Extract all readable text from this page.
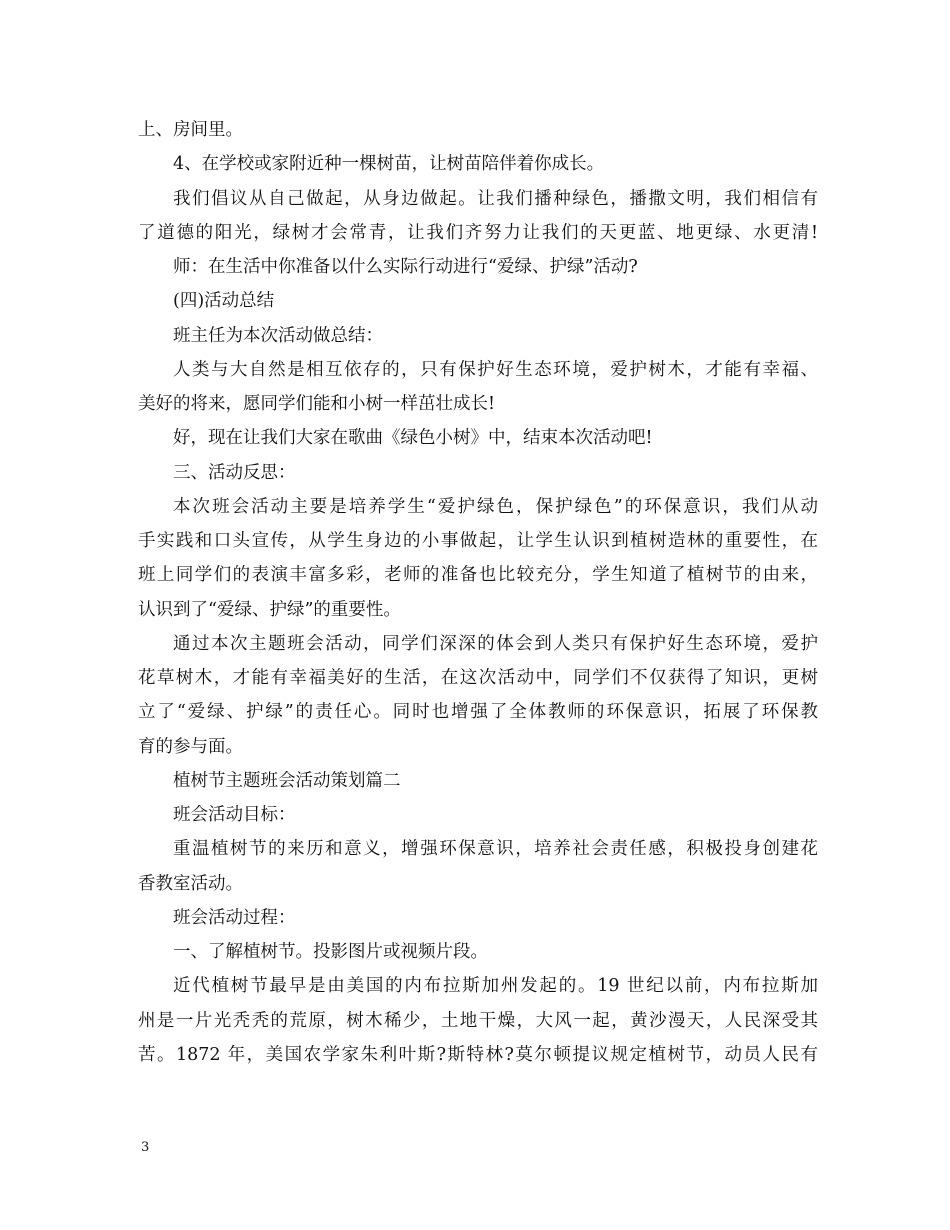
上、房间里。
4、在学校或家附近种一棵树苗，让树苗陪伴着你成长。
我们倡议从自己做起，从身边做起。让我们播种绿色，播撒文明，我们相信有
了道德的阳光，绿树才会常青，让我们齐努力让我们的天更蓝、地更绿、水更清!
师：在生活中你准备以什么实际行动进行“爱绿、护绿”活动?
(四)活动总结
班主任为本次活动做总结：
人类与大自然是相互依存的，只有保护好生态环境，爱护树木，才能有幸福、
美好的将来，愿同学们能和小树一样茁壮成长!
好，现在让我们大家在歌曲《绿色小树》中，结束本次活动吧!
三、活动反思：
本次班会活动主要是培养学生“爱护绿色，保护绿色”的环保意识，我们从动
手实践和口头宣传，从学生身边的小事做起，让学生认识到植树造林的重要性，在
班上同学们的表演丰富多彩，老师的准备也比较充分，学生知道了植树节的由来，
认识到了“爱绿、护绿”的重要性。
通过本次主题班会活动，同学们深深的体会到人类只有保护好生态环境，爱护
花草树木，才能有幸福美好的生活，在这次活动中，同学们不仅获得了知识，更树
立了“爱绿、护绿”的责任心。同时也增强了全体教师的环保意识，拓展了环保教
育的参与面。
植树节主题班会活动策划篇二
班会活动目标：
重温植树节的来历和意义，增强环保意识，培养社会责任感，积极投身创建花
香教室活动。
班会活动过程：
一、了解植树节。投影图片或视频片段。
近代植树节最早是由美国的内布拉斯加州发起的。19 世纪以前，内布拉斯加
州是一片光秃秃的荒原，树木稀少，土地干燥，大风一起，黄沙漫天，人民深受其
苦。1872 年，美国农学家朱利叶斯?斯特林?莫尔顿提议规定植树节，动员人民有
3
